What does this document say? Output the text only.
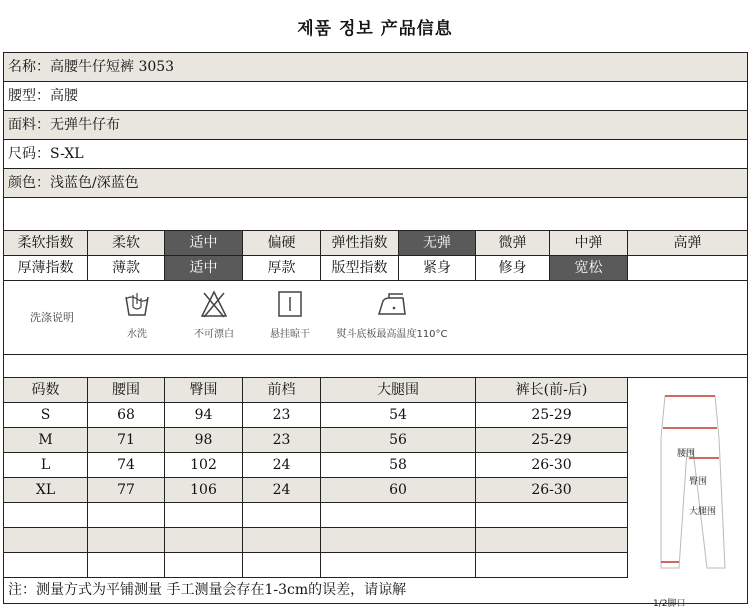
제품 정보 产品信息
名称：高腰牛仔短裤 3053
腰型：高腰
面料：无弹牛仔布
尺码：S-XL
颜色：浅蓝色/深蓝色
柔软指数	柔软	适中	偏硬	弹性指数	无弹	微弹	中弹	高弹
厚薄指数	薄款	适中	厚款	版型指数	紧身	修身	宽松
洗涤说明
水洗	不可漂白	悬挂晾干	熨斗底板最高温度110°C
码数	腰围	臀围	前档	大腿围	裤长(前-后)
S	68	94	23	54	25-29
M	71	98	23	56	25-29
L	74	102	24	58	26-30
XL	77	106	24	60	26-30
腰围
臀围
大腿围
1/2脚口
注：测量方式为平铺测量 手工测量会存在1-3cm的误差，请谅解
